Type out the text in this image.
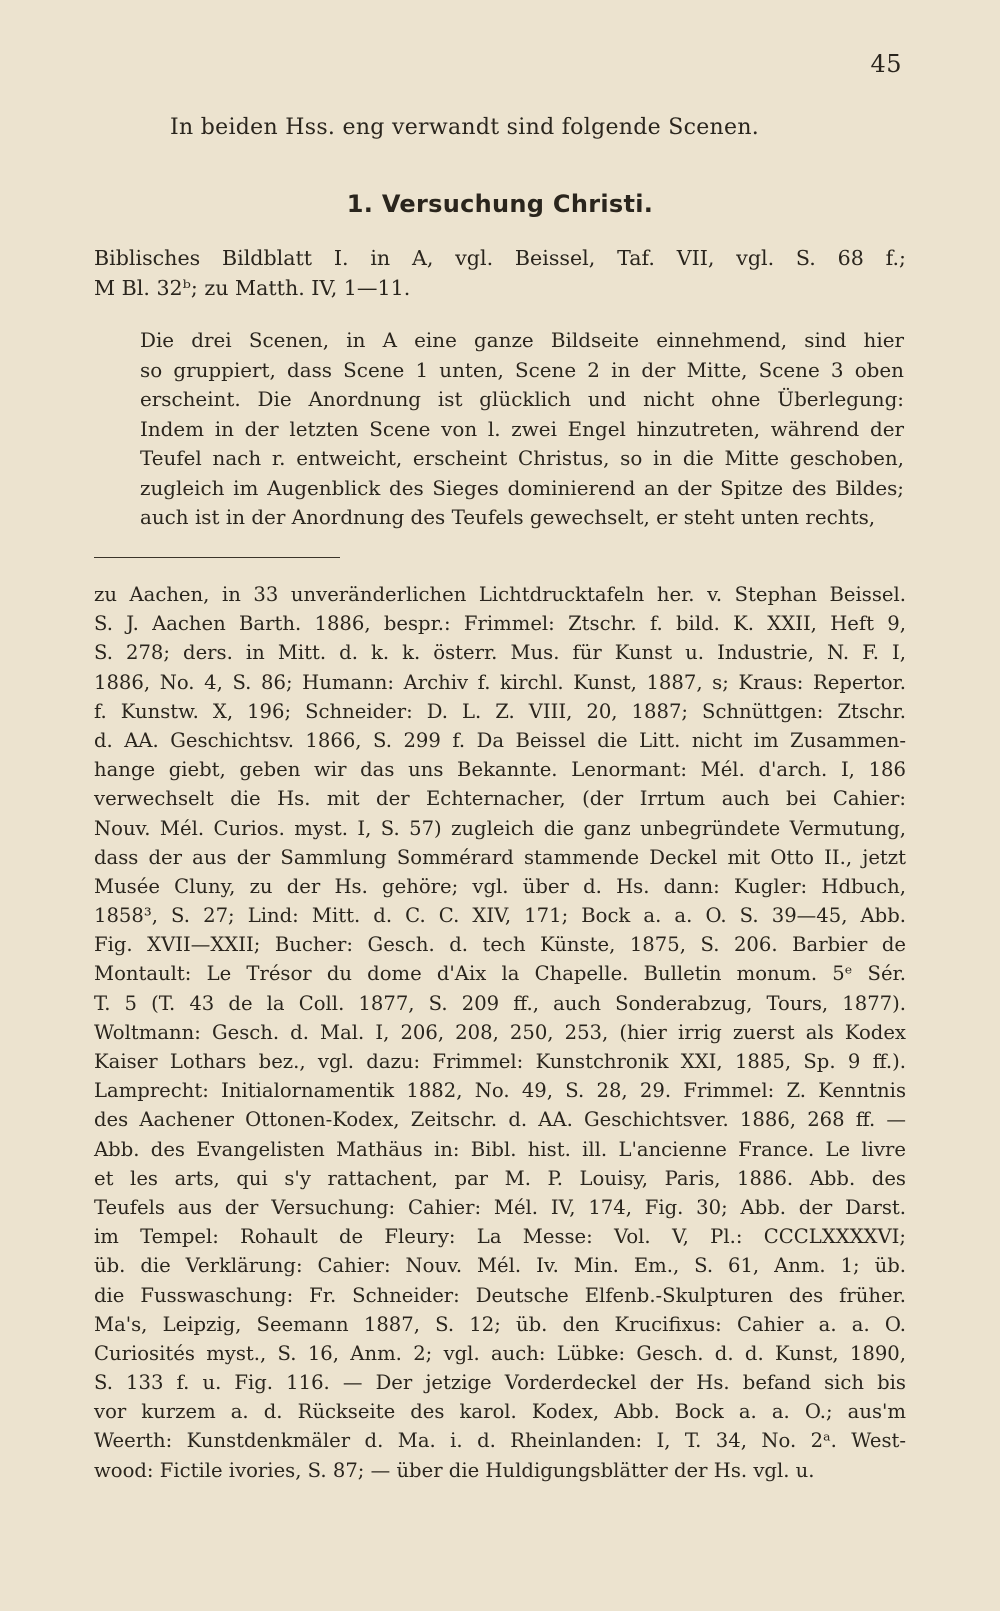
45
In beiden Hss. eng verwandt sind folgende Scenen.
1. Versuchung Christi.
Biblisches Bildblatt I. in A, vgl. Beissel, Taf. VII, vgl. S. 68 f.;
M Bl. 32ᵇ; zu Matth. IV, 1—11.
Die drei Scenen, in A eine ganze Bildseite einnehmend, sind hier
so gruppiert, dass Scene 1 unten, Scene 2 in der Mitte, Scene 3 oben
erscheint. Die Anordnung ist glücklich und nicht ohne Überlegung:
Indem in der letzten Scene von l. zwei Engel hinzutreten, während der
Teufel nach r. entweicht, erscheint Christus, so in die Mitte geschoben,
zugleich im Augenblick des Sieges dominierend an der Spitze des Bildes;
auch ist in der Anordnung des Teufels gewechselt, er steht unten rechts,
zu Aachen, in 33 unveränderlichen Lichtdrucktafeln her. v. Stephan Beissel.
S. J. Aachen Barth. 1886, bespr.: Frimmel: Ztschr. f. bild. K. XXII, Heft 9,
S. 278; ders. in Mitt. d. k. k. österr. Mus. für Kunst u. Industrie, N. F. I,
1886, No. 4, S. 86; Humann: Archiv f. kirchl. Kunst, 1887, s; Kraus: Repertor.
f. Kunstw. X, 196; Schneider: D. L. Z. VIII, 20, 1887; Schnüttgen: Ztschr.
d. AA. Geschichtsv. 1866, S. 299 f. Da Beissel die Litt. nicht im Zusammen-
hange giebt, geben wir das uns Bekannte. Lenormant: Mél. d'arch. I, 186
verwechselt die Hs. mit der Echternacher, (der Irrtum auch bei Cahier:
Nouv. Mél. Curios. myst. I, S. 57) zugleich die ganz unbegründete Vermutung,
dass der aus der Sammlung Sommérard stammende Deckel mit Otto II., jetzt
Musée Cluny, zu der Hs. gehöre; vgl. über d. Hs. dann: Kugler: Hdbuch,
1858³, S. 27; Lind: Mitt. d. C. C. XIV, 171; Bock a. a. O. S. 39—45, Abb.
Fig. XVII—XXII; Bucher: Gesch. d. tech Künste, 1875, S. 206. Barbier de
Montault: Le Trésor du dome d'Aix la Chapelle. Bulletin monum. 5ᵉ Sér.
T. 5 (T. 43 de la Coll. 1877, S. 209 ff., auch Sonderabzug, Tours, 1877).
Woltmann: Gesch. d. Mal. I, 206, 208, 250, 253, (hier irrig zuerst als Kodex
Kaiser Lothars bez., vgl. dazu: Frimmel: Kunstchronik XXI, 1885, Sp. 9 ff.).
Lamprecht: Initialornamentik 1882, No. 49, S. 28, 29. Frimmel: Z. Kenntnis
des Aachener Ottonen-Kodex, Zeitschr. d. AA. Geschichtsver. 1886, 268 ff. —
Abb. des Evangelisten Mathäus in: Bibl. hist. ill. L'ancienne France. Le livre
et les arts, qui s'y rattachent, par M. P. Louisy, Paris, 1886. Abb. des
Teufels aus der Versuchung: Cahier: Mél. IV, 174, Fig. 30; Abb. der Darst.
im Tempel: Rohault de Fleury: La Messe: Vol. V, Pl.: CCCLXXXXVI;
üb. die Verklärung: Cahier: Nouv. Mél. Iv. Min. Em., S. 61, Anm. 1; üb.
die Fusswaschung: Fr. Schneider: Deutsche Elfenb.-Skulpturen des früher.
Ma's, Leipzig, Seemann 1887, S. 12; üb. den Krucifixus: Cahier a. a. O.
Curiosités myst., S. 16, Anm. 2; vgl. auch: Lübke: Gesch. d. d. Kunst, 1890,
S. 133 f. u. Fig. 116. — Der jetzige Vorderdeckel der Hs. befand sich bis
vor kurzem a. d. Rückseite des karol. Kodex, Abb. Bock a. a. O.; aus'm
Weerth: Kunstdenkmäler d. Ma. i. d. Rheinlanden: I, T. 34, No. 2ᵃ. West-
wood: Fictile ivories, S. 87; — über die Huldigungsblätter der Hs. vgl. u.
